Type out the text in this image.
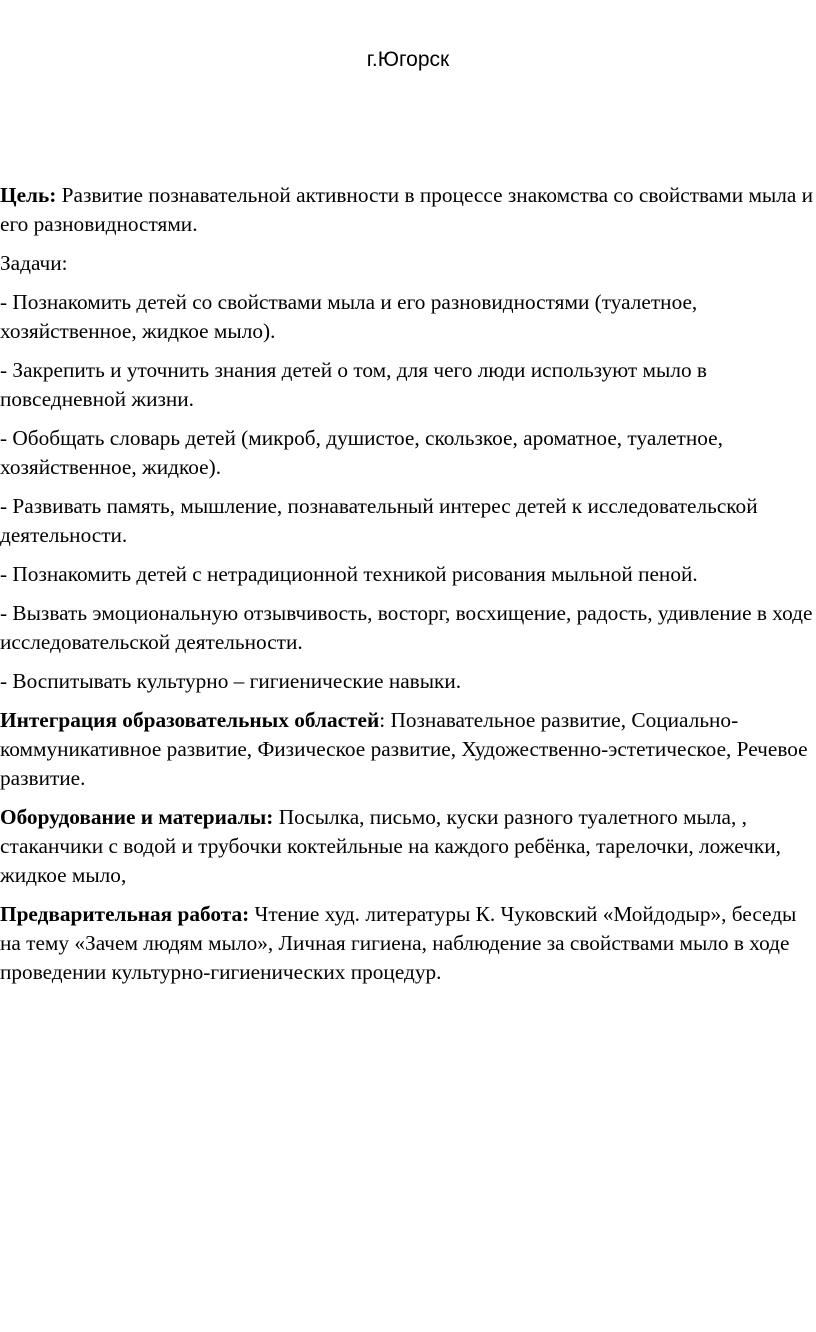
г.Югорск

Цель: Развитие познавательной активности в процессе знакомства со свойствами мыла и его разновидностями.

Задачи:

- Познакомить детей со свойствами мыла и его разновидностями (туалетное, хозяйственное, жидкое мыло).

- Закрепить и уточнить знания детей о том, для чего люди используют мыло в повседневной жизни.

- Обобщать словарь детей (микроб, душистое, скользкое, ароматное, туалетное, хозяйственное, жидкое).

- Развивать память, мышление, познавательный интерес детей к исследовательской деятельности.

- Познакомить детей с нетрадиционной техникой рисования мыльной пеной.

- Вызвать эмоциональную отзывчивость, восторг, восхищение, радость, удивление в ходе исследовательской деятельности.

- Воспитывать культурно – гигиенические навыки.

Интеграция образовательных областей: Познавательное развитие, Социально-коммуникативное развитие, Физическое развитие, Художественно-эстетическое, Речевое развитие.

Оборудование и материалы: Посылка, письмо, куски разного туалетного мыла, , стаканчики с водой и трубочки коктейльные на каждого ребёнка, тарелочки, ложечки, жидкое мыло,

Предварительная работа: Чтение худ. литературы К. Чуковский «Мойдодыр», беседы на тему «Зачем людям мыло», Личная гигиена, наблюдение за свойствами мыло в ходе проведении культурно-гигиенических процедур.
